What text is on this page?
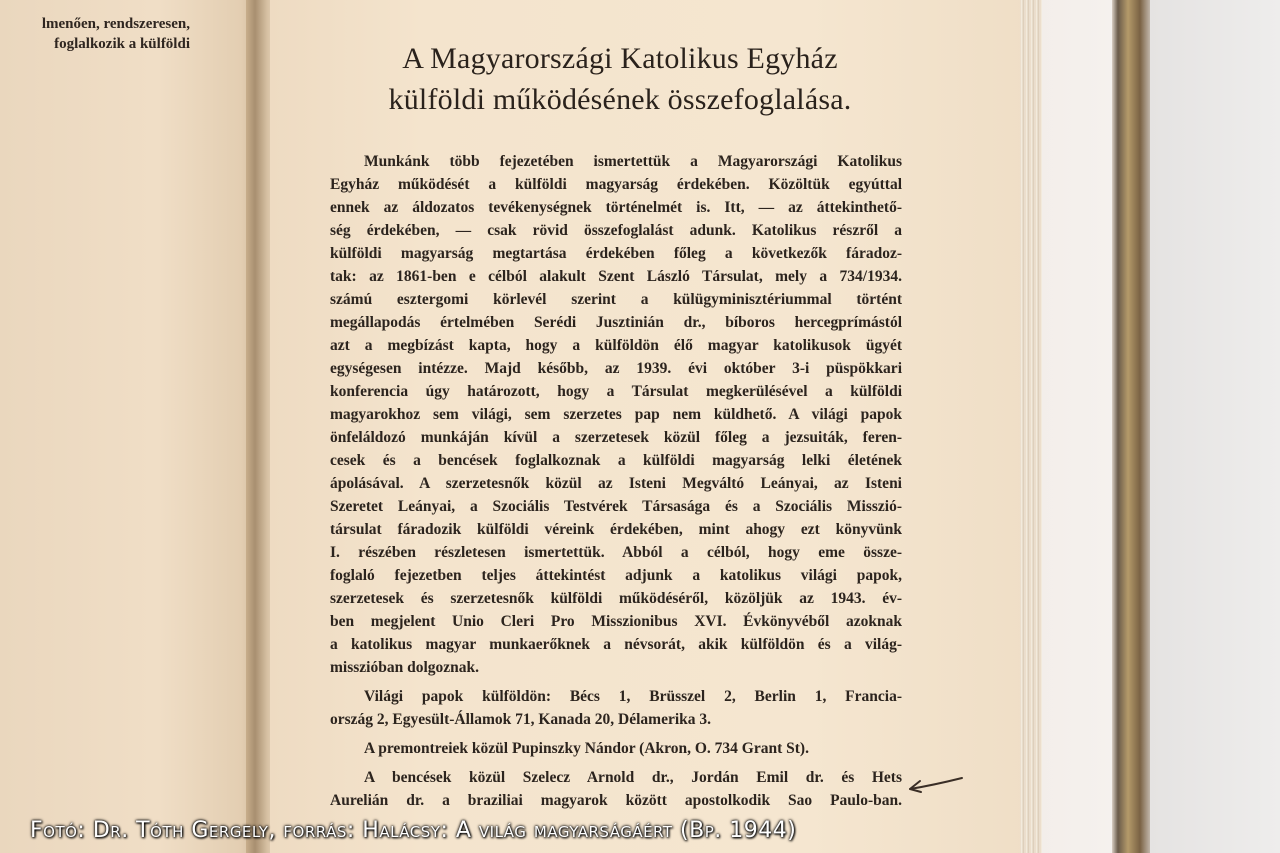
lmenően, rendszeresen,
foglalkozik a külföldi	A Magyarországi Katolikus Egyház
külföldi működésének összefoglalása.
Munkánk több fejezetében ismertettük a Magyarországi Katolikus
Egyház működését a külföldi magyarság érdekében. Közöltük egyúttal
ennek az áldozatos tevékenységnek történelmét is. Itt, — az áttekinthető-
ség érdekében, — csak rövid összefoglalást adunk. Katolikus részről a
külföldi magyarság megtartása érdekében főleg a következők fáradoz-
tak: az 1861-ben e célból alakult Szent László Társulat, mely a 734/1934.
számú esztergomi körlevél szerint a külügyminisztériummal történt
megállapodás értelmében Serédi Jusztinián dr., bíboros hercegprímástól
azt a megbízást kapta, hogy a külföldön élő magyar katolikusok ügyét
egységesen intézze. Majd később, az 1939. évi október 3-i püspökkari
konferencia úgy határozott, hogy a Társulat megkerülésével a külföldi
magyarokhoz sem világi, sem szerzetes pap nem küldhető. A világi papok
önfeláldozó munkáján kívül a szerzetesek közül főleg a jezsuiták, feren-
cesek és a bencések foglalkoznak a külföldi magyarság lelki életének
ápolásával. A szerzetesnők közül az Isteni Megváltó Leányai, az Isteni
Szeretet Leányai, a Szociális Testvérek Társasága és a Szociális Misszió-
társulat fáradozik külföldi véreink érdekében, mint ahogy ezt könyvünk
I. részében részletesen ismertettük. Abból a célból, hogy eme össze-
foglaló fejezetben teljes áttekintést adjunk a katolikus világi papok,
szerzetesek és szerzetesnők külföldi működéséről, közöljük az 1943. év-
ben megjelent Unio Cleri Pro Misszionibus XVI. Évkönyvéből azoknak
a katolikus magyar munkaerőknek a névsorát, akik külföldön és a világ-
misszióban dolgoznak.
Világi papok külföldön: Bécs 1, Brüsszel 2, Berlin 1, Francia-
ország 2, Egyesült-Államok 71, Kanada 20, Délamerika 3.
A premontreiek közül Pupinszky Nándor (Akron, O. 734 Grant St).
A bencések közül Szelecz Arnold dr., Jordán Emil dr. és Hets
Aurelián dr. a braziliai magyarok között apostolkodik Sao Paulo-ban.
Fotó: Dr. Tóth Gergely, forrás: Halácsy: A világ magyarságáért (Bp. 1944)
